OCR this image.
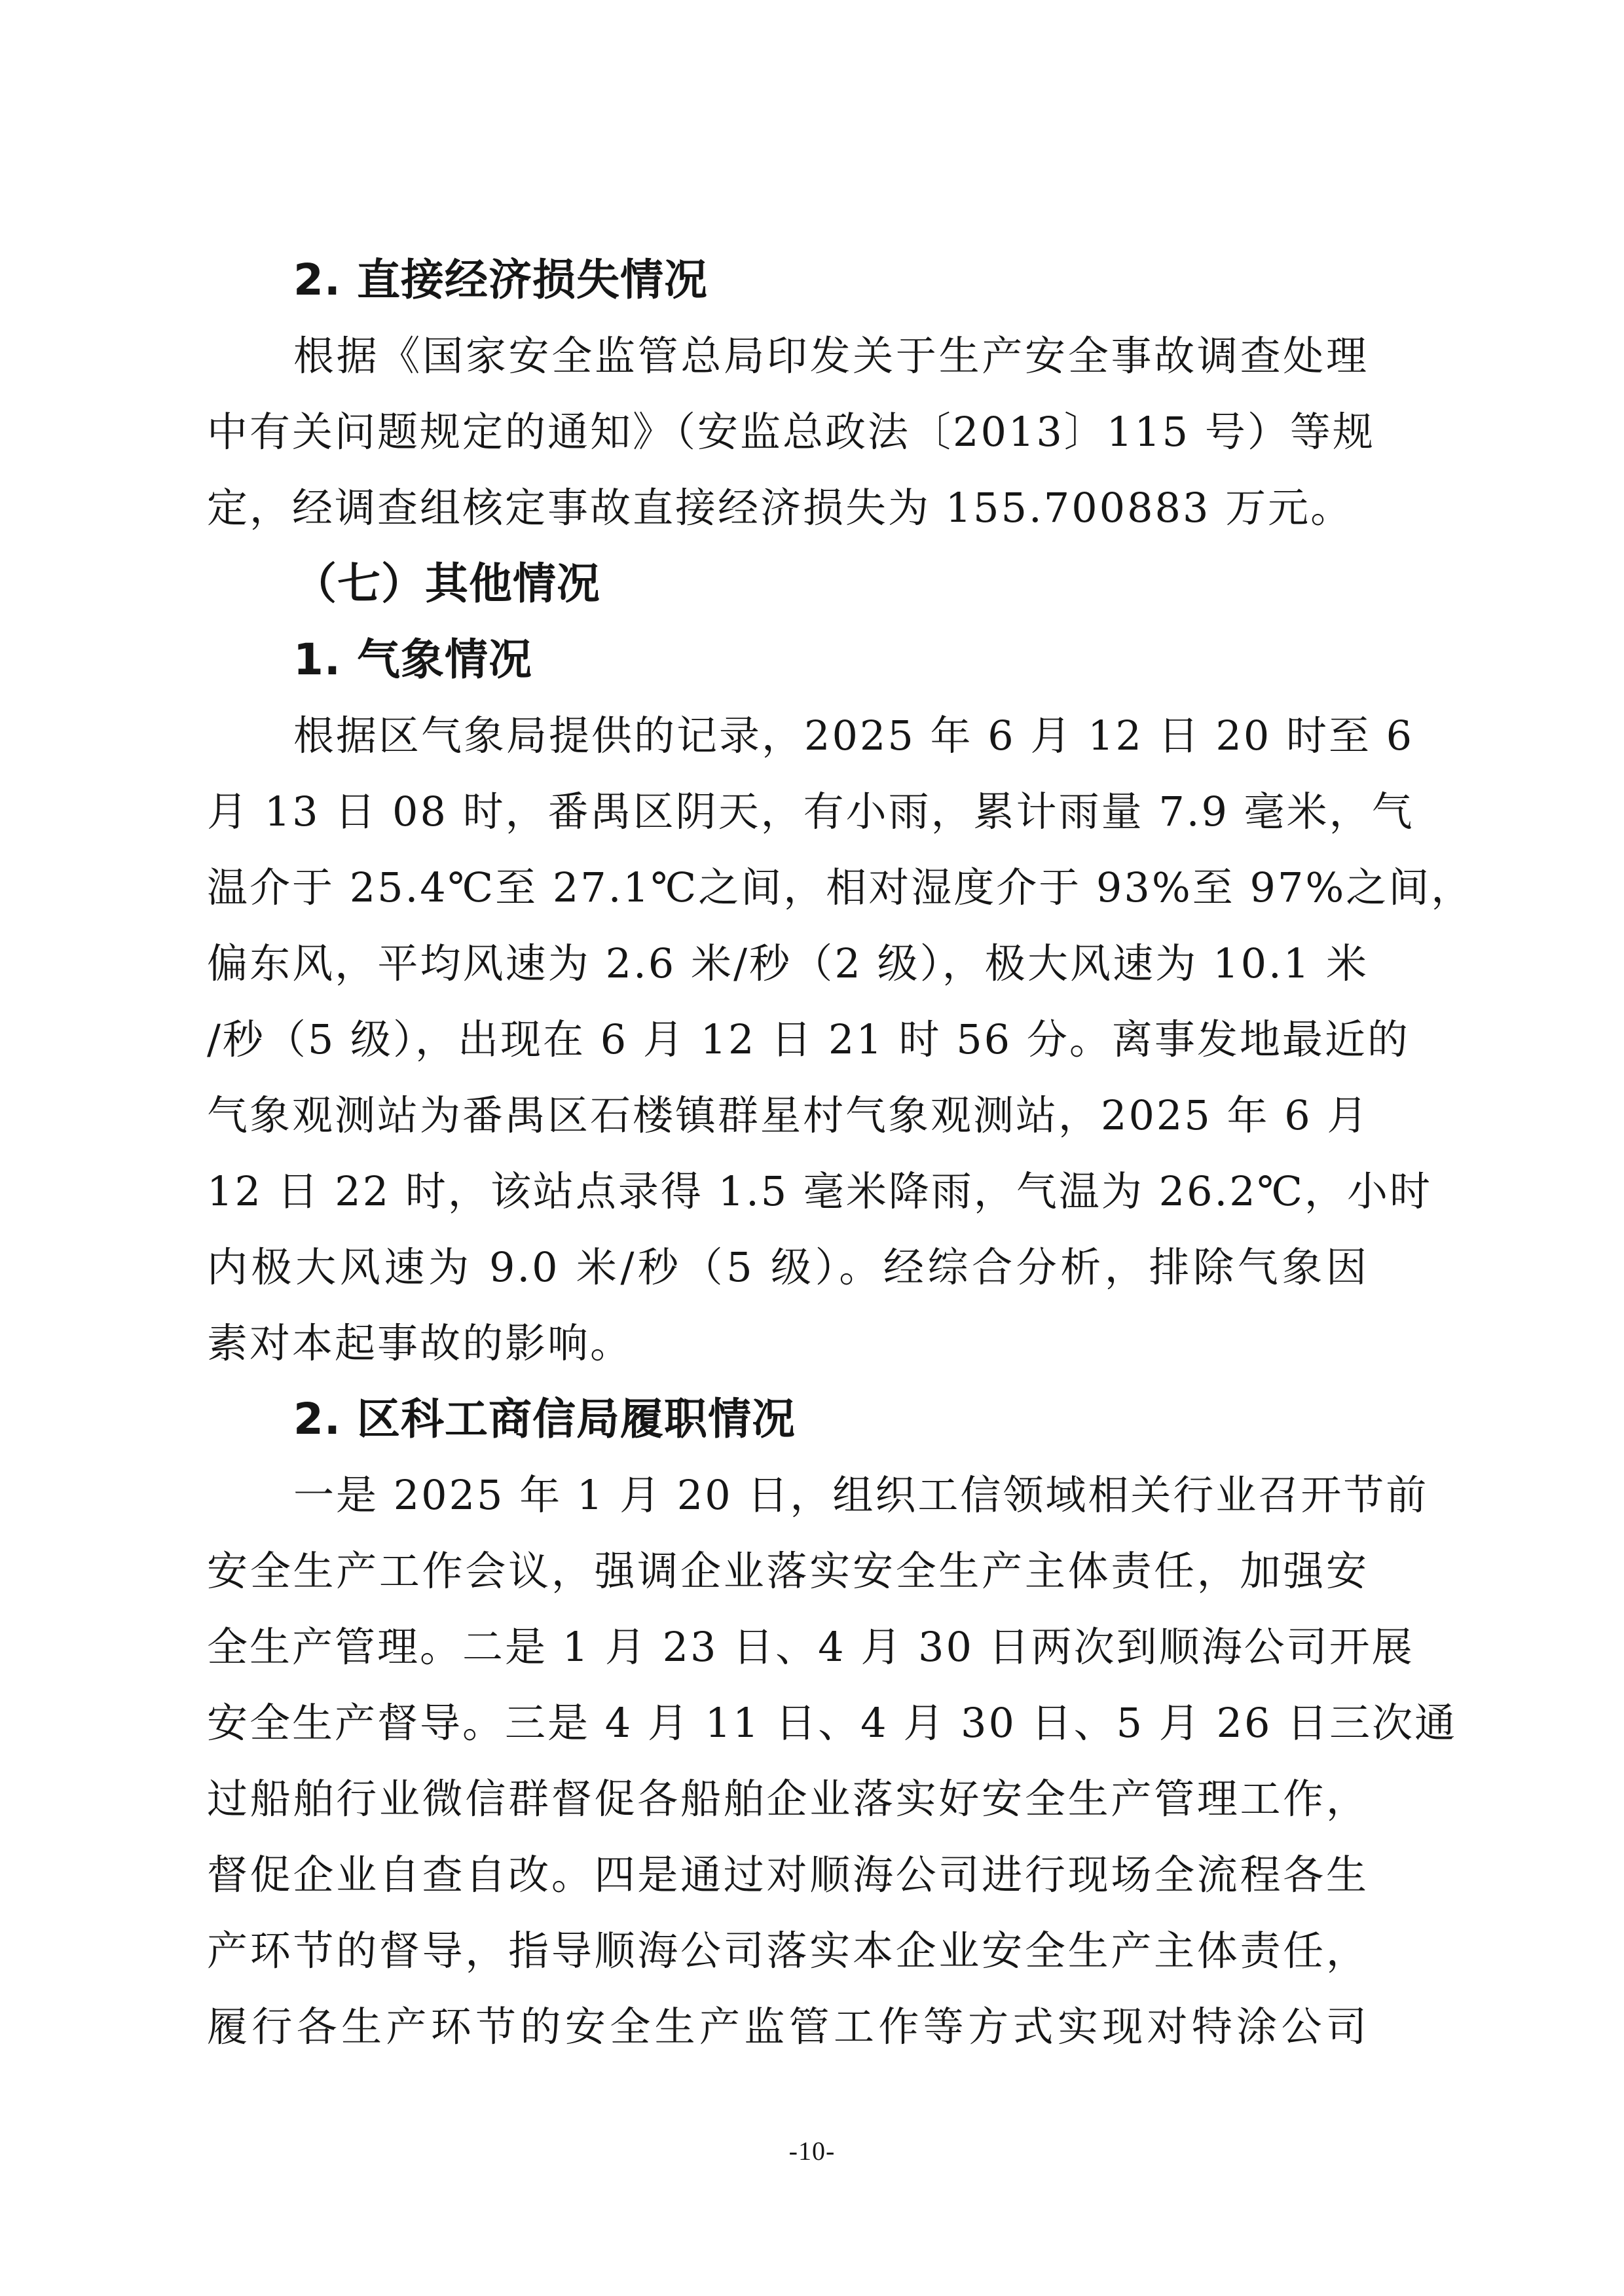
2. 直接经济损失情况
根据《国家安全监管总局印发关于生产安全事故调查处理
中有关问题规定的通知》（安监总政法〔2013〕115 号）等规
定，经调查组核定事故直接经济损失为 155.700883 万元。
（七）其他情况
1. 气象情况
根据区气象局提供的记录，2025 年 6 月 12 日 20 时至 6
月 13 日 08 时，番禺区阴天，有小雨，累计雨量 7.9 毫米，气
温介于 25.4℃至 27.1℃之间，相对湿度介于 93%至 97%之间，
偏东风，平均风速为 2.6 米/秒（2 级），极大风速为 10.1 米
/秒（5 级），出现在 6 月 12 日 21 时 56 分。离事发地最近的
气象观测站为番禺区石楼镇群星村气象观测站，2025 年 6 月
12 日 22 时，该站点录得 1.5 毫米降雨，气温为 26.2℃，小时
内极大风速为 9.0 米/秒（5 级）。经综合分析，排除气象因
素对本起事故的影响。
2. 区科工商信局履职情况
一是 2025 年 1 月 20 日，组织工信领域相关行业召开节前
安全生产工作会议，强调企业落实安全生产主体责任，加强安
全生产管理。二是 1 月 23 日、4 月 30 日两次到顺海公司开展
安全生产督导。三是 4 月 11 日、4 月 30 日、5 月 26 日三次通
过船舶行业微信群督促各船舶企业落实好安全生产管理工作，
督促企业自查自改。四是通过对顺海公司进行现场全流程各生
产环节的督导，指导顺海公司落实本企业安全生产主体责任，
履行各生产环节的安全生产监管工作等方式实现对特涂公司
-10-
